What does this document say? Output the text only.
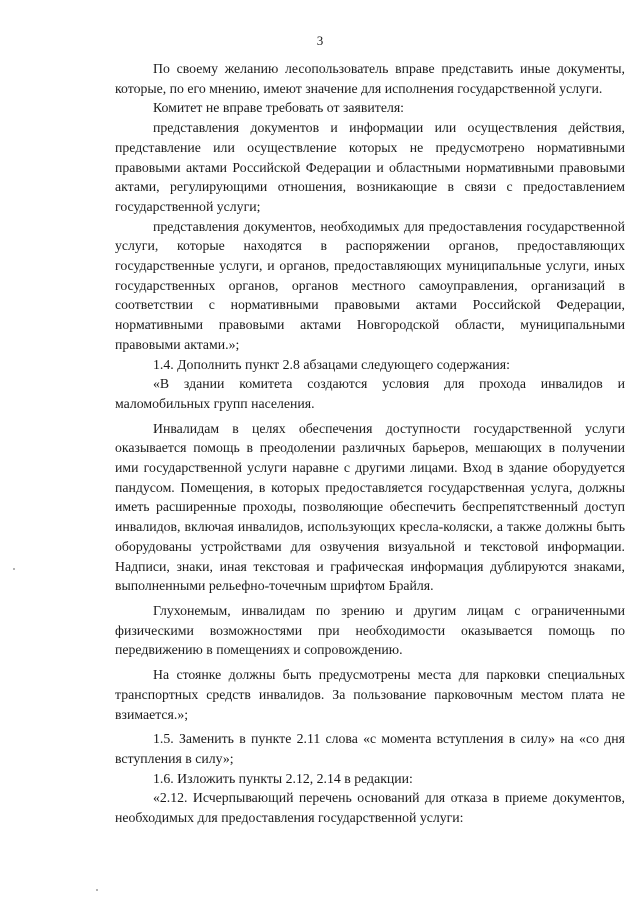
3

По своему желанию лесопользователь вправе представить иные документы, которые, по его мнению, имеют значение для исполнения государственной услуги.

Комитет не вправе требовать от заявителя:

представления документов и информации или осуществления действия, представление или осуществление которых не предусмотрено нормативными правовыми актами Российской Федерации и областными нормативными правовыми актами, регулирующими отношения, возникающие в связи с предоставлением государственной услуги;

представления документов, необходимых для предоставления государственной услуги, которые находятся в распоряжении органов, предоставляющих государственные услуги, и органов, предоставляющих муниципальные услуги, иных государственных органов, органов местного самоуправления, организаций в соответствии с нормативными правовыми актами Российской Федерации, нормативными правовыми актами Новгородской области, муниципальными правовыми актами.»;

1.4. Дополнить пункт 2.8 абзацами следующего содержания:

«В здании комитета создаются условия для прохода инвалидов и маломобильных групп населения.

Инвалидам в целях обеспечения доступности государственной услуги оказывается помощь в преодолении различных барьеров, мешающих в получении ими государственной услуги наравне с другими лицами. Вход в здание оборудуется пандусом. Помещения, в которых предоставляется государственная услуга, должны иметь расширенные проходы, позволяющие обеспечить беспрепятственный доступ инвалидов, включая инвалидов, использующих кресла-коляски, а также должны быть оборудованы устройствами для озвучения визуальной и текстовой информации. Надписи, знаки, иная текстовая и графическая информация дублируются знаками, выполненными рельефно-точечным шрифтом Брайля.

Глухонемым, инвалидам по зрению и другим лицам с ограниченными физическими возможностями при необходимости оказывается помощь по передвижению в помещениях и сопровождению.

На стоянке должны быть предусмотрены места для парковки специальных транспортных средств инвалидов. За пользование парковочным местом плата не взимается.»;

1.5. Заменить в пункте 2.11 слова «с момента вступления в силу» на «со дня вступления в силу»;

1.6. Изложить пункты 2.12, 2.14 в редакции:

«2.12. Исчерпывающий перечень оснований для отказа в приеме документов, необходимых для предоставления государственной услуги:
